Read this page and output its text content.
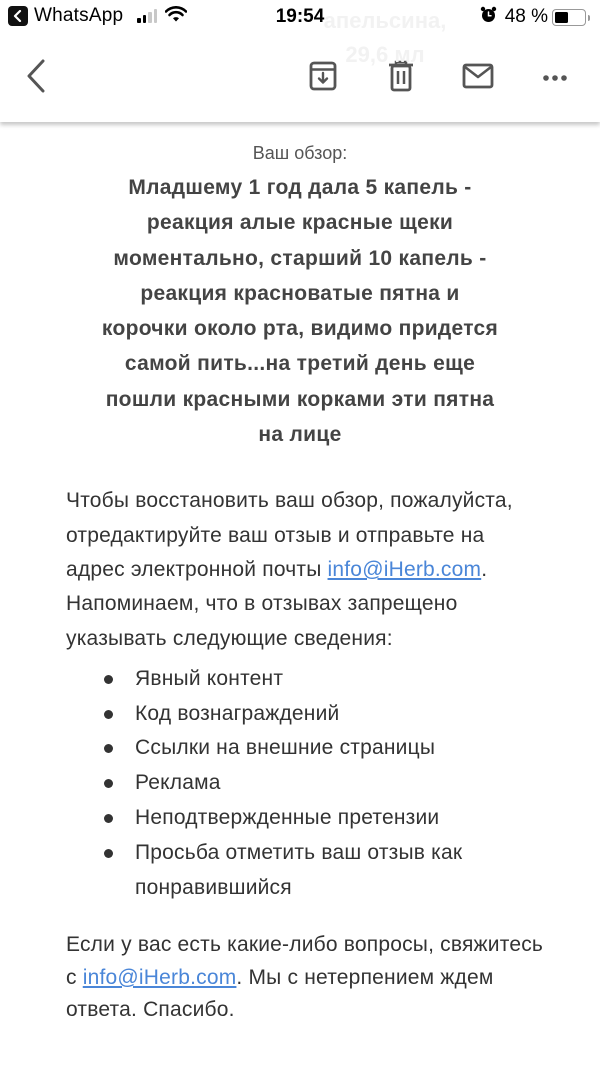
WhatsApp	19:54	48 %
апельсина,
29,6 мл
Ваш обзор:
Младшему 1 год дала 5 капель - реакция алые красные щеки моментально, старший 10 капель - реакция красноватые пятна и корочки около рта, видимо придется самой пить...на третий день еще пошли красными корками эти пятна на лице

Чтобы восстановить ваш обзор, пожалуйста, отредактируйте ваш отзыв и отправьте на адрес электронной почты info@iHerb.com. Напоминаем, что в отзывах запрещено указывать следующие сведения:

Явный контент
Код вознаграждений
Ссылки на внешние страницы
Реклама
Неподтвержденные претензии
Просьба отметить ваш отзыв как понравившийся

Если у вас есть какие-либо вопросы, свяжитесь с info@iHerb.com. Мы с нетерпением ждем ответа. Спасибо.
